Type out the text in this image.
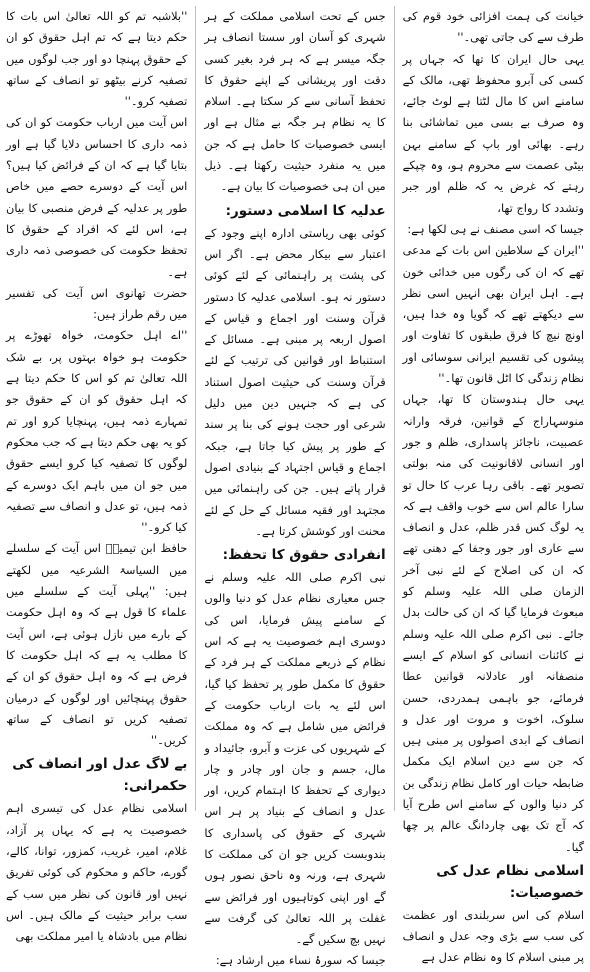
خیانت کی ہمت افزائی خود قوم کی طرف سے کی جاتی تھی۔''

یہی حال ایران کا تھا کہ جہاں پر کسی کی آبرو محفوظ تھی، مالک کے سامنے اس کا مال لٹتا ہے لوٹ جائے، وہ صرف بے بسی میں تماشائی بنا رہے۔ بھائی اور باپ کے سامنے بہن بیٹی عصمت سے محروم ہو، وہ چپکے رہتے کہ غرض یہ کہ ظلم اور جبر وتشدد کا رواج تھا،

جیسا کہ اسی مصنف نے ہی لکھا ہے:

''ایران کے سلاطین اس بات کے مدعی تھے کہ ان کی رگوں میں خدائی خون ہے۔ اہل ایران بھی انہیں اسی نظر سے دیکھتے تھے کہ گویا وہ خدا ہیں، اونچ نیچ کا فرق طبقوں کا تفاوت اور پیشوں کی تقسیم ایرانی سوسائی اور نظام زندگی کا اٹل قانون تھا۔''

یہی حال ہندوستان کا تھا، جہاں منوسہاراج کے قوانین، فرقہ وارانہ عصبیت، ناجائز پاسداری، ظلم و جور اور انسانی لاقانونیت کی منہ بولتی تصویر تھے۔ باقی رہا عرب کا حال تو سارا عالم اس سے خوب واقف ہے کہ یہ لوگ کس قدر ظلم، عدل و انصاف سے عاری اور جور وجفا کے دھنی تھے کہ ان کی اصلاح کے لئے نبی آخر الزمان صلی اللہ علیہ وسلم کو مبعوث فرمایا گیا کہ ان کی حالت بدل جائے۔ نبی اکرم صلی اللہ علیہ وسلم نے کائنات انسانی کو اسلام کے ایسے منصفانہ اور عادلانہ قوانین عطا فرمائے، جو باہمی ہمدردی، حسن سلوک، اخوت و مروت اور عدل و انصاف کے ابدی اصولوں پر مبنی ہیں کہ جن سے دین اسلام ایک مکمل ضابطہ حیات اور کامل نظام زندگی بن کر دنیا والوں کے سامنے اس طرح آیا کہ آج تک بھی چاردانگ عالم پر چھا گیا۔

اسلامی نظام عدل کی خصوصیات:

اسلام کی اس سربلندی اور عظمت کی سب سے بڑی وجہ عدل و انصاف پر مبنی اسلام کا وہ نظام عدل ہے

جس کے تحت اسلامی مملکت کے ہر شہری کو آسان اور سستا انصاف ہر جگہ میسر ہے کہ ہر فرد بغیر کسی دقت اور پریشانی کے اپنے حقوق کا تحفظ آسانی سے کر سکتا ہے۔ اسلام کا یہ نظام ہر جگہ بے مثال ہے اور ایسی خصوصیات کا حامل ہے کہ جن میں یہ منفرد حیثیت رکھتا ہے۔ ذیل میں ان ہی خصوصیات کا بیان ہے۔

عدلیہ کا اسلامی دستور:

کوئی بھی ریاستی ادارہ اپنے وجود کے اعتبار سے بیکار محض ہے۔ اگر اس کی پشت پر راہنمائی کے لئے کوئی دستور نہ ہو۔ اسلامی عدلیہ کا دستور قرآن وسنت اور اجماع و قیاس کے اصول اربعہ پر مبنی ہے۔ مسائل کے استنباط اور قوانین کی ترتیب کے لئے قرآن وسنت کی حیثیت اصول استناد کی ہے کہ جنہیں دین میں دلیل شرعی اور حجت ہونے کی بنا پر سند کے طور پر پیش کیا جاتا ہے، جبکہ اجماع و قیاس اجتہاد کے بنیادی اصول قرار پاتے ہیں۔ جن کی راہنمائی میں مجتہد اور فقیہ مسائل کے حل کے لئے محنت اور کوشش کرتا ہے۔

انفرادی حقوق کا تحفظ:

نبی اکرم صلی اللہ علیہ وسلم نے جس معیاری نظام عدل کو دنیا والوں کے سامنے پیش فرمایا، اس کی دوسری اہم خصوصیت یہ ہے کہ اس نظام کے ذریعے مملکت کے ہر فرد کے حقوق کا مکمل طور پر تحفظ کیا گیا، اس لئے یہ بات ارباب حکومت کے فرائض میں شامل ہے کہ وہ مملکت کے شہریوں کی عزت و آبرو، جائیداد و مال، جسم و جان اور چادر و چار دیواری کے تحفظ کا اہتمام کریں، اور عدل و انصاف کے بنیاد پر ہر اس شہری کے حقوق کی پاسداری کا بندوبست کریں جو ان کی مملکت کا شہری ہے، ورنہ وہ ناحق نصور ہوں گے اور اپنی کوتاہیوں اور فرائض سے غفلت پر اللہ تعالیٰ کی گرفت سے نہیں بچ سکیں گے۔

جیسا کہ سورۂ نساء میں ارشاد ہے:

''بلاشبہ تم کو اللہ تعالیٰ اس بات کا حکم دیتا ہے کہ تم اہل حقوق کو ان کے حقوق پہنچا دو اور جب لوگوں میں تصفیہ کرنے بیٹھو تو انصاف کے ساتھ تصفیہ کرو۔''

اس آیت میں ارباب حکومت کو ان کی ذمہ داری کا احساس دلایا گیا ہے اور بتایا گیا ہے کہ ان کے فرائض کیا ہیں؟ اس آیت کے دوسرے حصے میں خاص طور پر عدلیہ کے فرض منصبی کا بیان ہے، اس لئے کہ افراد کے حقوق کا تحفظ حکومت کی خصوصی ذمہ داری ہے۔

حضرت تھانوی اس آیت کی تفسیر میں رقم طراز ہیں:

''اے اہل حکومت، خواہ تھوڑے پر حکومت ہو خواہ بہتوں پر، بے شک اللہ تعالیٰ تم کو اس کا حکم دیتا ہے کہ اہل حقوق کو ان کے حقوق جو تمہارے ذمہ ہیں، پہنچایا کرو اور تم کو یہ بھی حکم دیتا ہے کہ جب محکوم لوگوں کا تصفیہ کیا کرو ایسے حقوق میں جو ان میں باہم ایک دوسرے کے ذمہ ہیں، تو عدل و انصاف سے تصفیہ کیا کرو۔''

حافظ ابن تیمیہؒ اس آیت کے سلسلے میں السیاسۃ الشرعیہ میں لکھتے ہیں: ''پہلی آیت کے سلسلے میں علماء کا قول ہے کہ وہ اہل حکومت کے بارے میں نازل ہوئی ہے، اس آیت کا مطلب یہ ہے کہ اہل حکومت کا فرض ہے کہ وہ اہل حقوق کو ان کے حقوق پہنچائیں اور لوگوں کے درمیان تصفیہ کریں تو انصاف کے ساتھ کریں۔''

بے لاگ عدل اور انصاف کی حکمرانی:

اسلامی نظام عدل کی تیسری اہم خصوصیت یہ ہے کہ یہاں پر آزاد، غلام، امیر، غریب، کمزور، توانا، کالے، گورے، حاکم و محکوم کی کوئی تفریق نہیں اور قانون کی نظر میں سب کے سب برابر حیثیت کے مالک ہیں۔ اس نظام میں بادشاہ یا امیر مملکت بھی
